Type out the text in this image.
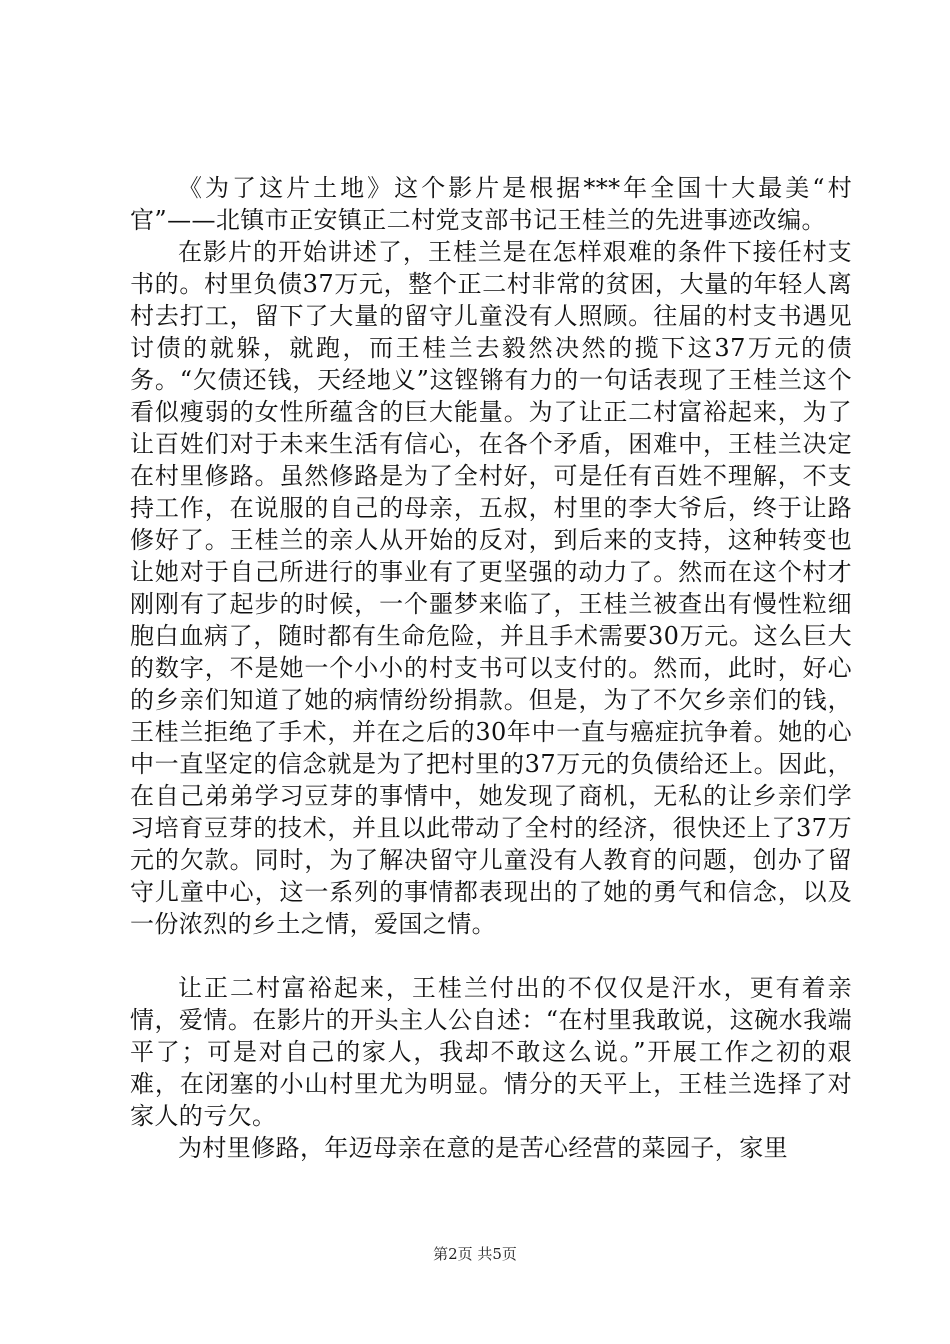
《为了这片土地》这个影片是根据***年全国十大最美“村官”——北镇市正安镇正二村党支部书记王桂兰的先进事迹改编。

在影片的开始讲述了，王桂兰是在怎样艰难的条件下接任村支书的。村里负债37万元，整个正二村非常的贫困，大量的年轻人离村去打工，留下了大量的留守儿童没有人照顾。往届的村支书遇见讨债的就躲，就跑，而王桂兰去毅然决然的揽下这37万元的债务。“欠债还钱，天经地义”这铿锵有力的一句话表现了王桂兰这个看似瘦弱的女性所蕴含的巨大能量。为了让正二村富裕起来，为了让百姓们对于未来生活有信心，在各个矛盾，困难中，王桂兰决定在村里修路。虽然修路是为了全村好，可是任有百姓不理解，不支持工作，在说服的自己的母亲，五叔，村里的李大爷后，终于让路修好了。王桂兰的亲人从开始的反对，到后来的支持，这种转变也让她对于自己所进行的事业有了更坚强的动力了。然而在这个村才刚刚有了起步的时候，一个噩梦来临了，王桂兰被查出有慢性粒细胞白血病了，随时都有生命危险，并且手术需要30万元。这么巨大的数字，不是她一个小小的村支书可以支付的。然而，此时，好心的乡亲们知道了她的病情纷纷捐款。但是，为了不欠乡亲们的钱，王桂兰拒绝了手术，并在之后的30年中一直与癌症抗争着。她的心中一直坚定的信念就是为了把村里的37万元的负债给还上。因此，在自己弟弟学习豆芽的事情中，她发现了商机，无私的让乡亲们学习培育豆芽的技术，并且以此带动了全村的经济，很快还上了37万元的欠款。同时，为了解决留守儿童没有人教育的问题，创办了留守儿童中心，这一系列的事情都表现出的了她的勇气和信念，以及一份浓烈的乡土之情，爱国之情。

让正二村富裕起来，王桂兰付出的不仅仅是汗水，更有着亲情，爱情。在影片的开头主人公自述：“在村里我敢说，这碗水我端平了；可是对自己的家人，我却不敢这么说。”开展工作之初的艰难，在闭塞的小山村里尤为明显。情分的天平上，王桂兰选择了对家人的亏欠。

为村里修路，年迈母亲在意的是苦心经营的菜园子，家里

第2页 共5页
